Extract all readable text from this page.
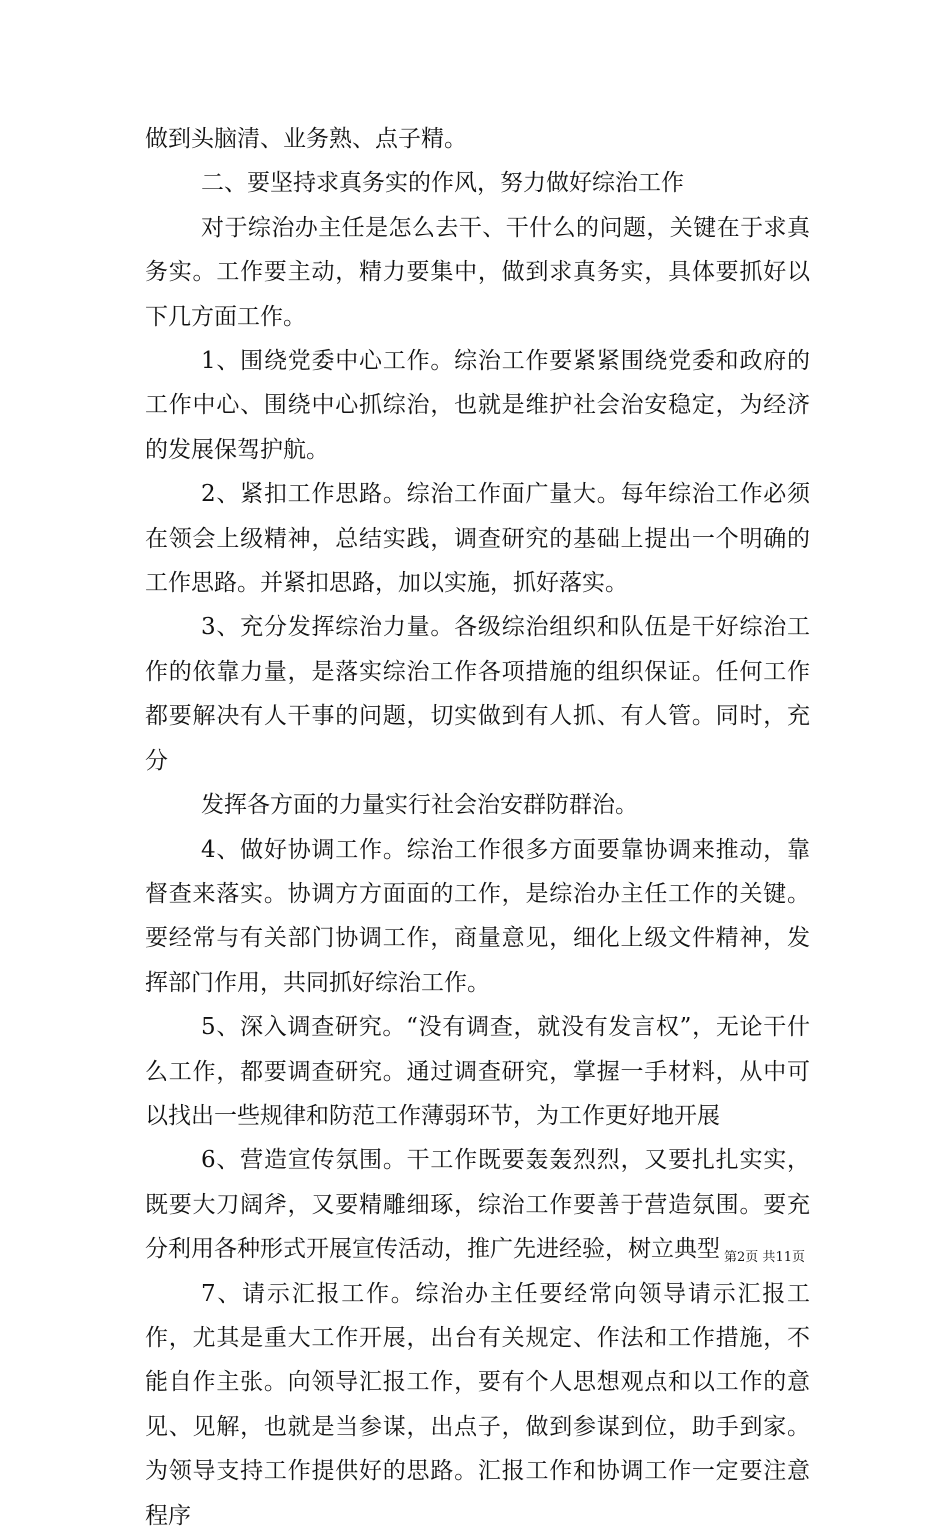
做到头脑清、业务熟、点子精。

二、要坚持求真务实的作风，努力做好综治工作

对于综治办主任是怎么去干、干什么的问题，关键在于求真务实。工作要主动，精力要集中，做到求真务实，具体要抓好以下几方面工作。

1、围绕党委中心工作。综治工作要紧紧围绕党委和政府的工作中心、围绕中心抓综治，也就是维护社会治安稳定，为经济的发展保驾护航。

2、紧扣工作思路。综治工作面广量大。每年综治工作必须在领会上级精神，总结实践，调查研究的基础上提出一个明确的工作思路。并紧扣思路，加以实施，抓好落实。

3、充分发挥综治力量。各级综治组织和队伍是干好综治工作的依靠力量，是落实综治工作各项措施的组织保证。任何工作都要解决有人干事的问题，切实做到有人抓、有人管。同时，充分

发挥各方面的力量实行社会治安群防群治。

4、做好协调工作。综治工作很多方面要靠协调来推动，靠督查来落实。协调方方面面的工作，是综治办主任工作的关键。要经常与有关部门协调工作，商量意见，细化上级文件精神，发挥部门作用，共同抓好综治工作。

5、深入调查研究。“没有调查，就没有发言权”，无论干什么工作，都要调查研究。通过调查研究，掌握一手材料，从中可以找出一些规律和防范工作薄弱环节，为工作更好地开展

6、营造宣传氛围。干工作既要轰轰烈烈，又要扎扎实实，既要大刀阔斧，又要精雕细琢，综治工作要善于营造氛围。要充分利用各种形式开展宣传活动，推广先进经验，树立典型

7、请示汇报工作。综治办主任要经常向领导请示汇报工作，尤其是重大工作开展，出台有关规定、作法和工作措施，不能自作主张。向领导汇报工作，要有个人思想观点和以工作的意见、见解，也就是当参谋，出点子，做到参谋到位，助手到家。为领导支持工作提供好的思路。汇报工作和协调工作一定要注意程序

第2页 共11页
